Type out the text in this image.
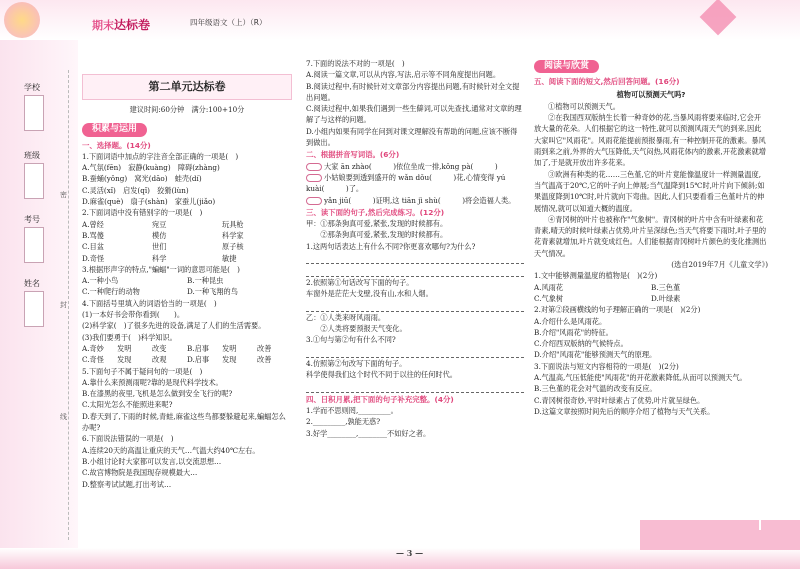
期末达标卷	四年级语文（上）（R）
学校
班级
考号
姓名
密
封
线
第二单元达标卷
建议时间:60分钟　满分:100+10分
积累与运用
一、选择题。(14分)
1.下面词语中加点的字注音全部正确的一项是(　)
A.气氛(fēn)　寂静(kuàng)　障碍(zhàng)
B.蚕蛹(yǒng)　窝光(dāo)　蛙壳(dí)
C.灵活(xǐ)　启发(qǐ)　狡猾(lùn)
D.麻雀(què)　扇子(shàn)　家蚕儿(jiǎo)
2.下面词语中没有错别字的一项是(　)
A.曾经	宛豆	玩具枪
B.骂傻	模仿	科学家
C.目盆	世们	原子核
D.奇怪	科学	敏捷
3.根据形声字的特点,"蝙蝠"一词的意思可能是(　)
A.一种小鸟	B.一种昆虫
C.一种爬行的动物	D.一种飞翔的鸟
4.下面括号里填入的词语恰当的一项是(　)
(1)一本好书会带你看到(　　)。
(2)科学家(　)了很多先进的设备,满足了人们的生活需要。
(3)我们要勇于(　)科学知识。
A.奇妙	发明	改变	B.启事	发明	改善
C.奇怪	发现	改观	D.启事	发现	改善
5.下面句子不属于疑问句的一项是(　)
A.靠什么来预测雨呢?靠的是现代科学技术。
B.在漆黑的夜里,飞机是怎么做到安全飞行的呢?
C.太阳光怎么不能照进来呢?
D.春天到了,下雨的时候,青蛙,麻雀这些鸟都要躲避起来,蝙蝠怎么办呢?
6.下面说法错误的一项是(　)
A.连续20天的高温让重庆的天气…气温大约40℃左右。
B.小组讨论时大家都可以发言,以交流思想…
C.故宫博物院是我国现存规模最大…
D.整察考试试题,打出考试…
7.下面的说法不对的一项是(　)
A.阅读一篇文章,可以从内容,写法,启示等不同角度提出问题。
B.阅读过程中,有时候针对文章部分内容提出问题,有时候针对全文提出问题。
C.阅读过程中,如果我们遇到一些生僻词,可以先查找,通常对文章的理解了与这样的问题。
D.小组内如果有同学在问到对课文理解没有帮助的问题,应该不断得到做出。
二、根据拼音写词语。(6分)
大家 ān zhào(　　　)依位坐成一排,kǒng pà(　　　)
小姑娘要到透到盛开的 wǎn dǒu(　　　)花,心情变得 yú kuài(　　　)了。
yǎn jiū(　　　)证明,这 tiān jì shù(　　　)将会造福人类。
三、读下面的句子,然后完成练习。(12分)
甲：①那条狗真可爱,紧张,发现的时候都有。
　　②那条狗真可爱,紧张,发现的时候都有。
1.这两句话表达上有什么不同?你更喜欢哪句?为什么?

2.依照第①句话改写下面的句子。
车窗外是茫茫大戈壁,没有山,水和人烟。

乙：①人类来呀风雨雨。
　　②人类将要预报天气变化。
3.①句与第②句有什么不同?

4.仿照第②句改写下面的句子。
科学使得我们这个时代不同于以往的任何时代。

四、日积月累,把下面的句子补充完整。(4分)
1.学而不思则罔,_________。
2._________,孰能无惑?
3.好学________,________不如好之者。
阅读与欣赏
五、阅读下面的短文,然后回答问题。(16分)
植物可以预测天气吗?
①植物可以预测天气。
②在我国西双版纳生长着一种奇妙的花,当暴风雨将要来临时,它会开放大量的花朵。人们根据它的这一特性,就可以预测风雨天气的到来,因此大家叫它"风雨花"。风雨花能提前预报暴雨,有一种控制开花的激素。暴风雨到来之前,外界的大气压降低,天气闷热,风雨花体内的激素,开花激素就增加了,于是就开放出许多花来。
③欧洲有种类的花……三色堇,它的叶片竟能像温度计一样测量温度,当气温高于20℃,它的叶子向上伸展;当气温降到15℃时,叶片向下倾斜;如果温度降到10℃时,叶片就向下弯曲。因此,人们只要看看三色堇叶片的伸展情况,就可以知道大概的温度。
④青冈树的叶片也被称作"气象树"。青冈树的叶片中含有叶绿素和花青素,晴天的时候叶绿素占优势,叶片呈深绿色;当天气将要下雨时,叶子里的花青素就增加,叶片就变成红色。人们能根据青冈树叶片颜色的变化推测出天气情况。
(选自2019年7月《儿童文学》)
1.文中能够测量温度的植物是(　)(2分)
A.风雨花	B.三色堇
C.气象树	D.叶绿素
2.对第②段画横线的句子理解正确的一项是(　)(2分)
A.介绍什么是风雨花。
B.介绍"风雨花"的特征。
C.介绍西双版纳的气候特点。
D.介绍"风雨花"能够预测天气的原理。
3.下面说法与短文内容相符的一项是(　)(2分)
A.气温高,气压低能使"风雨花"的开花激素降低,从而可以预测天气。
B.三色堇的花会对气温的改变有反应。
C.青冈树很奇妙,平时叶绿素占了优势,叶片就呈绿色。
D.这篇文章按照时间先后的顺序介绍了植物与天气关系。
— 3 —
